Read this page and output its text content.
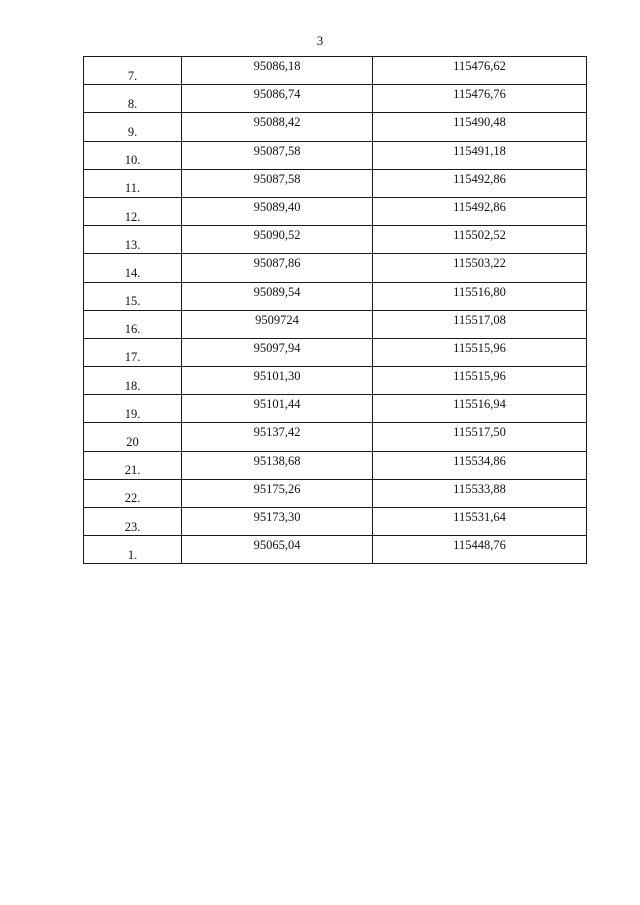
3
7.	95086,18	115476,62
8.	95086,74	115476,76
9.	95088,42	115490,48
10.	95087,58	115491,18
11.	95087,58	115492,86
12.	95089,40	115492,86
13.	95090,52	115502,52
14.	95087,86	115503,22
15.	95089,54	115516,80
16.	9509724	115517,08
17.	95097,94	115515,96
18.	95101,30	115515,96
19.	95101,44	115516,94
20	95137,42	115517,50
21.	95138,68	115534,86
22.	95175,26	115533,88
23.	95173,30	115531,64
1.	95065,04	115448,76
